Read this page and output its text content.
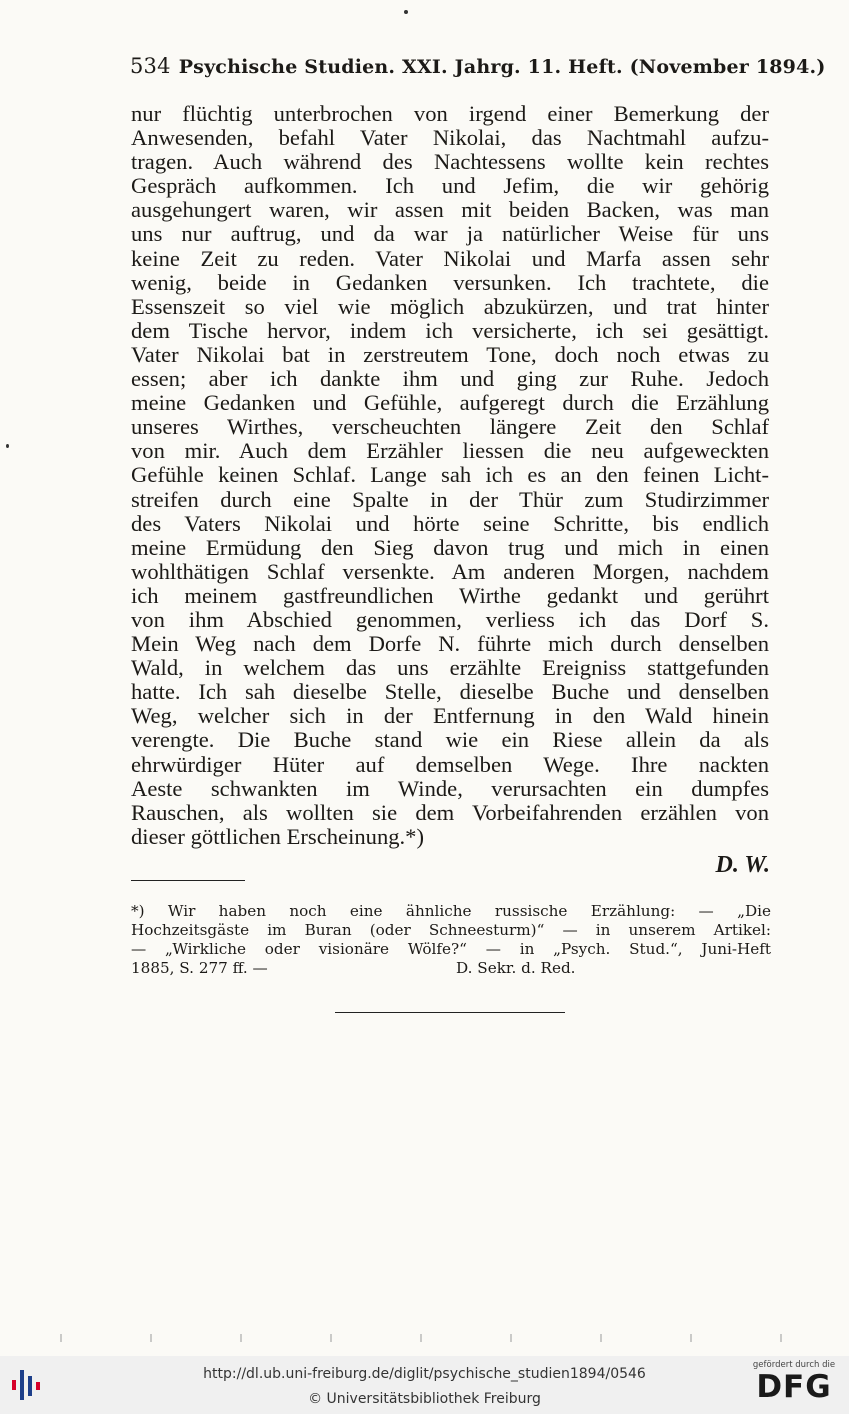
534 Psychische Studien. XXI. Jahrg. 11. Heft. (November 1894.)
nur flüchtig unterbrochen von irgend einer Bemerkung der
Anwesenden, befahl Vater Nikolai, das Nachtmahl aufzu-
tragen. Auch während des Nachtessens wollte kein rechtes
Gespräch aufkommen. Ich und Jefim, die wir gehörig
ausgehungert waren, wir assen mit beiden Backen, was man
uns nur auftrug, und da war ja natürlicher Weise für uns
keine Zeit zu reden. Vater Nikolai und Marfa assen sehr
wenig, beide in Gedanken versunken. Ich trachtete, die
Essenszeit so viel wie möglich abzukürzen, und trat hinter
dem Tische hervor, indem ich versicherte, ich sei gesättigt.
Vater Nikolai bat in zerstreutem Tone, doch noch etwas zu
essen; aber ich dankte ihm und ging zur Ruhe. Jedoch
meine Gedanken und Gefühle, aufgeregt durch die Erzählung
unseres Wirthes, verscheuchten längere Zeit den Schlaf
von mir. Auch dem Erzähler liessen die neu aufgeweckten
Gefühle keinen Schlaf. Lange sah ich es an den feinen Licht-
streifen durch eine Spalte in der Thür zum Studirzimmer
des Vaters Nikolai und hörte seine Schritte, bis endlich
meine Ermüdung den Sieg davon trug und mich in einen
wohlthätigen Schlaf versenkte. Am anderen Morgen, nachdem
ich meinem gastfreundlichen Wirthe gedankt und gerührt
von ihm Abschied genommen, verliess ich das Dorf S.
Mein Weg nach dem Dorfe N. führte mich durch denselben
Wald, in welchem das uns erzählte Ereigniss stattgefunden
hatte. Ich sah dieselbe Stelle, dieselbe Buche und denselben
Weg, welcher sich in der Entfernung in den Wald hinein
verengte. Die Buche stand wie ein Riese allein da als
ehrwürdiger Hüter auf demselben Wege. Ihre nackten
Aeste schwankten im Winde, verursachten ein dumpfes
Rauschen, als wollten sie dem Vorbeifahrenden erzählen von
dieser göttlichen Erscheinung.*)
D. W.
*) Wir haben noch eine ähnliche russische Erzählung: — „Die
Hochzeitsgäste im Buran (oder Schneesturm)“ — in unserem Artikel:
— „Wirkliche oder visionäre Wölfe?“ — in „Psych. Stud.“, Juni-Heft
1885, S. 277 ff. —                                       D. Sekr. d. Red.
http://dl.ub.uni-freiburg.de/diglit/psychische_studien1894/0546
© Universitätsbibliothek Freiburg
gefördert durch die
DFG
